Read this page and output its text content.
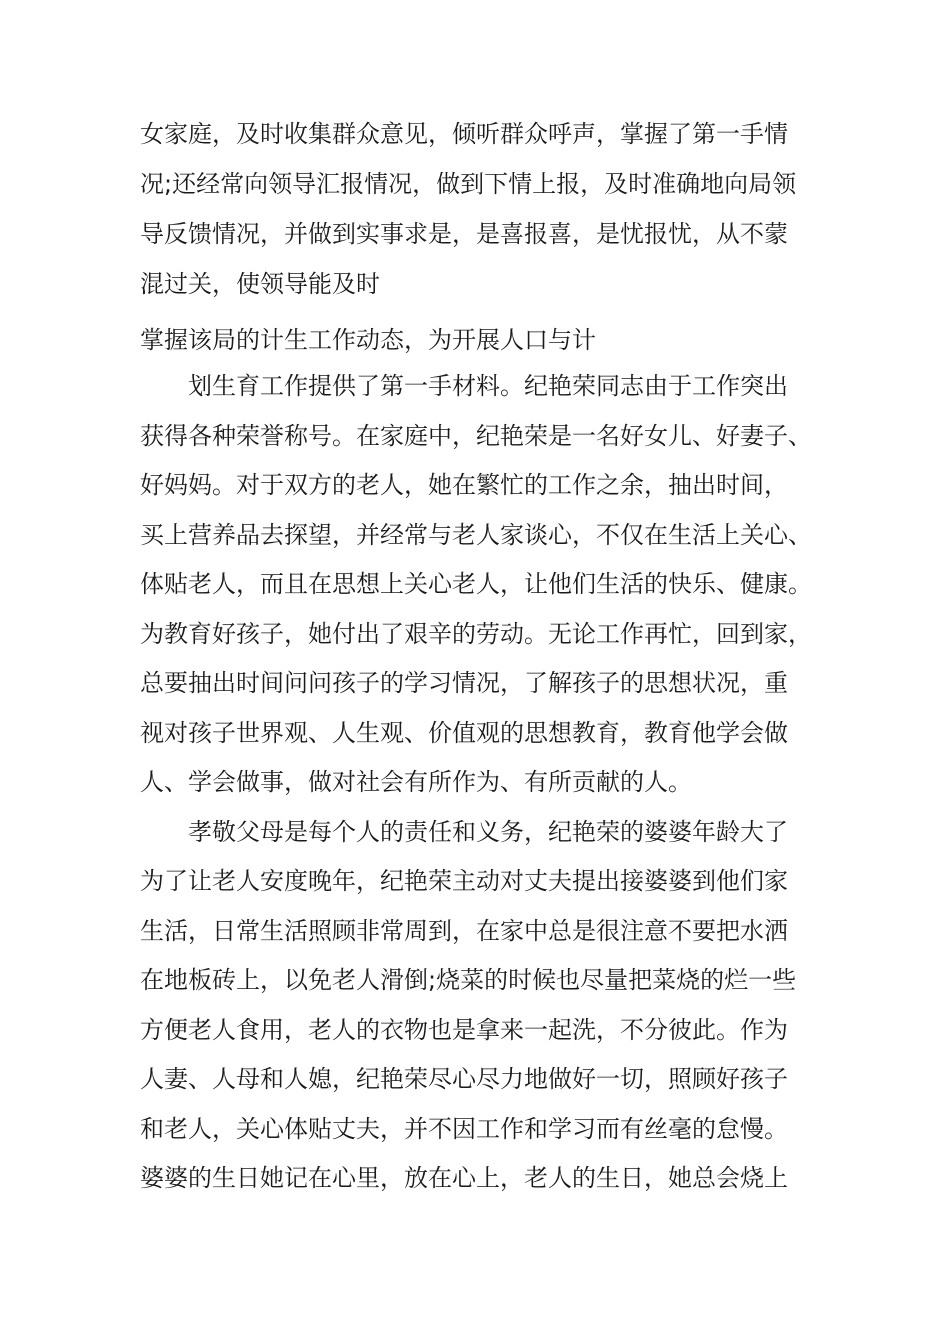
女家庭，及时收集群众意见，倾听群众呼声，掌握了第一手情
况;还经常向领导汇报情况，做到下情上报，及时准确地向局领
导反馈情况，并做到实事求是，是喜报喜，是忧报忧，从不蒙
混过关，使领导能及时
掌握该局的计生工作动态，为开展人口与计
划生育工作提供了第一手材料。纪艳荣同志由于工作突出
获得各种荣誉称号。在家庭中，纪艳荣是一名好女儿、好妻子、
好妈妈。对于双方的老人，她在繁忙的工作之余，抽出时间，
买上营养品去探望，并经常与老人家谈心，不仅在生活上关心、
体贴老人，而且在思想上关心老人，让他们生活的快乐、健康。
为教育好孩子，她付出了艰辛的劳动。无论工作再忙，回到家，
总要抽出时间问问孩子的学习情况，了解孩子的思想状况，重
视对孩子世界观、人生观、价值观的思想教育，教育他学会做
人、学会做事，做对社会有所作为、有所贡献的人。
孝敬父母是每个人的责任和义务，纪艳荣的婆婆年龄大了
为了让老人安度晚年，纪艳荣主动对丈夫提出接婆婆到他们家
生活，日常生活照顾非常周到，在家中总是很注意不要把水洒
在地板砖上，以免老人滑倒;烧菜的时候也尽量把菜烧的烂一些
方便老人食用，老人的衣物也是拿来一起洗，不分彼此。作为
人妻、人母和人媳，纪艳荣尽心尽力地做好一切，照顾好孩子
和老人，关心体贴丈夫，并不因工作和学习而有丝毫的怠慢。
婆婆的生日她记在心里，放在心上，老人的生日，她总会烧上
